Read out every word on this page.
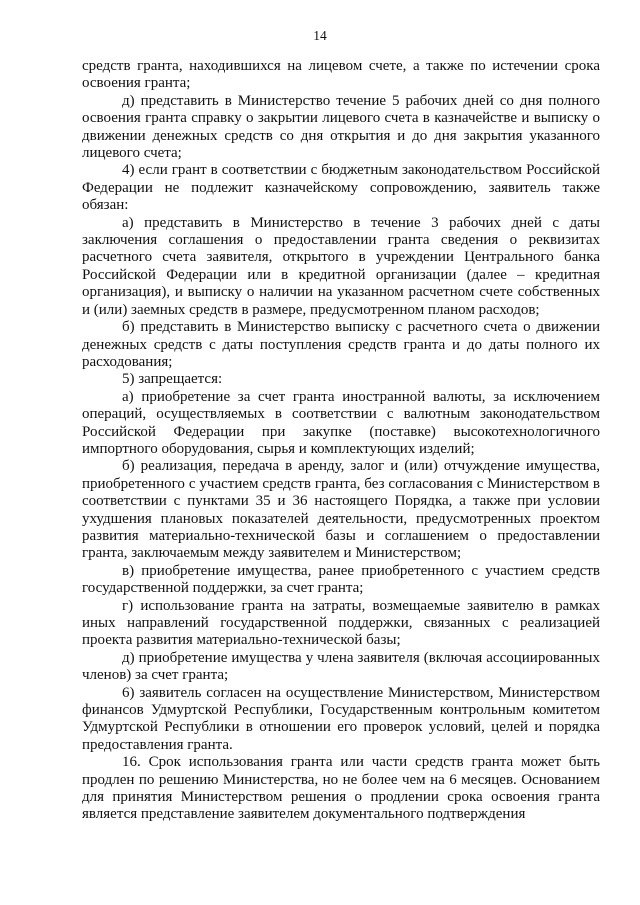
14

средств гранта, находившихся на лицевом счете, а также по истечении срока освоения гранта;

д) представить в Министерство течение 5 рабочих дней со дня полного освоения гранта справку о закрытии лицевого счета в казначействе и выписку о движении денежных средств со дня открытия и до дня закрытия указанного лицевого счета;

4) если грант в соответствии с бюджетным законодательством Российской Федерации не подлежит казначейскому сопровождению, заявитель также обязан:

а) представить в Министерство в течение 3 рабочих дней с даты заключения соглашения о предоставлении гранта сведения о реквизитах расчетного счета заявителя, открытого в учреждении Центрального банка Российской Федерации или в кредитной организации (далее – кредитная организация), и выписку о наличии на указанном расчетном счете собственных и (или) заемных средств в размере, предусмотренном планом расходов;

б) представить в Министерство выписку с расчетного счета о движении денежных средств с даты поступления средств гранта и до даты полного их расходования;

5) запрещается:

а) приобретение за счет гранта иностранной валюты, за исключением операций, осуществляемых в соответствии с валютным законодательством Российской Федерации при закупке (поставке) высокотехнологичного импортного оборудования, сырья и комплектующих изделий;

б) реализация, передача в аренду, залог и (или) отчуждение имущества, приобретенного с участием средств гранта, без согласования с Министерством в соответствии с пунктами 35 и 36 настоящего Порядка, а также при условии ухудшения плановых показателей деятельности, предусмотренных проектом развития материально-технической базы и соглашением о предоставлении гранта, заключаемым между заявителем и Министерством;

в) приобретение имущества, ранее приобретенного с участием средств государственной поддержки, за счет гранта;

г) использование гранта на затраты, возмещаемые заявителю в рамках иных направлений государственной поддержки, связанных с реализацией проекта развития материально-технической базы;

д) приобретение имущества у члена заявителя (включая ассоциированных членов) за счет гранта;

6) заявитель согласен на осуществление Министерством, Министерством финансов Удмуртской Республики, Государственным контрольным комитетом Удмуртской Республики в отношении его проверок условий, целей и порядка предоставления гранта.

16. Срок использования гранта или части средств гранта может быть продлен по решению Министерства, но не более чем на 6 месяцев. Основанием для принятия Министерством решения о продлении срока освоения гранта является представление заявителем документального подтверждения
